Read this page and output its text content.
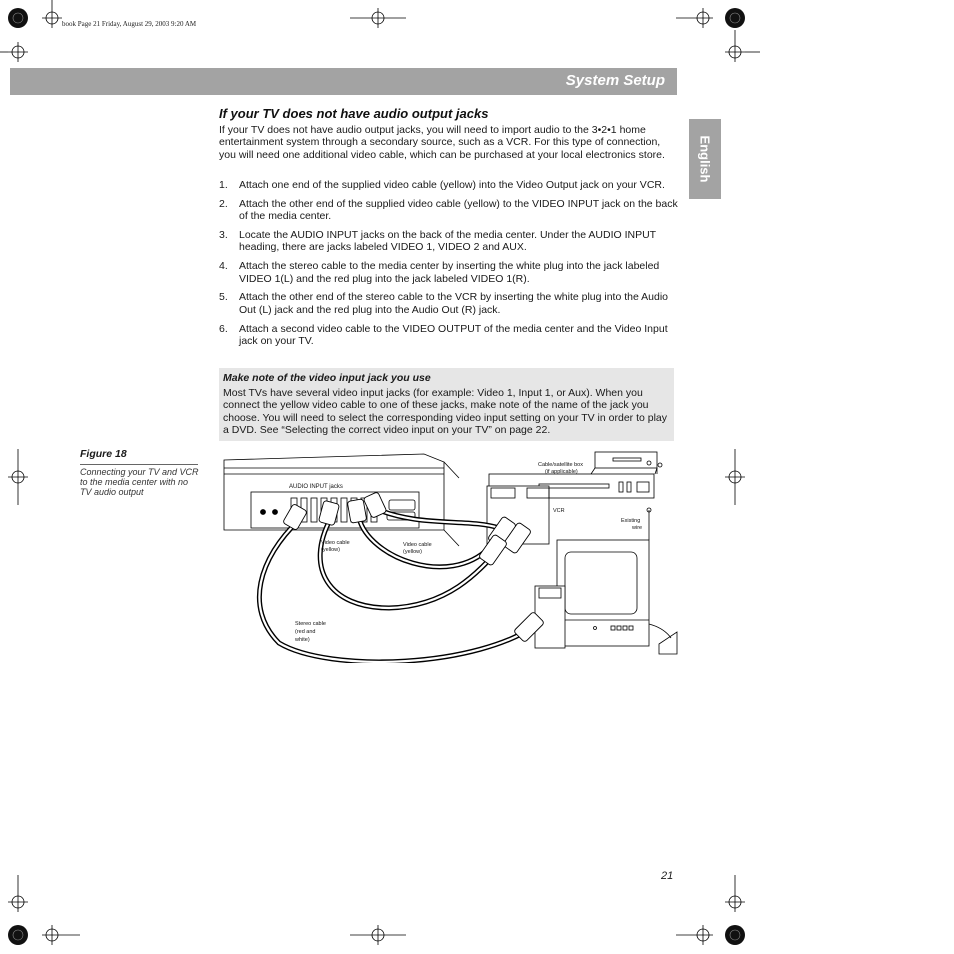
book Page 21 Friday, August 29, 2003 9:20 AM
System Setup
English
If your TV does not have audio output jacks
If your TV does not have audio output jacks, you will need to import audio to the 3•2•1 home entertainment system through a secondary source, such as a VCR. For this type of connection, you will need one additional video cable, which can be purchased at your local electronics store.
1. Attach one end of the supplied video cable (yellow) into the Video Output jack on your VCR.
2. Attach the other end of the supplied video cable (yellow) to the VIDEO INPUT jack on the back of the media center.
3. Locate the AUDIO INPUT jacks on the back of the media center. Under the AUDIO INPUT heading, there are jacks labeled VIDEO 1, VIDEO 2 and AUX.
4. Attach the stereo cable to the media center by inserting the white plug into the jack labeled VIDEO 1(L) and the red plug into the jack labeled VIDEO 1(R).
5. Attach the other end of the stereo cable to the VCR by inserting the white plug into the Audio Out (L) jack and the red plug into the Audio Out (R) jack.
6. Attach a second video cable to the VIDEO OUTPUT of the media center and the Video Input jack on your TV.
Make note of the video input jack you use
Most TVs have several video input jacks (for example: Video 1, Input 1, or Aux). When you connect the yellow video cable to one of these jacks, make note of the name of the jack you choose. You will need to select the corresponding video input setting on your TV in order to play a DVD. See “Selecting the correct video input on your TV” on page 22.
Figure 18
Connecting your TV and VCR to the media center with no TV audio output	AUDIO INPUT jacks
Video cable
(yellow)
Video cable
(yellow)
Stereo cable
(red and
white)
Cable/satellite box
(if applicable)
VCR
Existing
wire
21
